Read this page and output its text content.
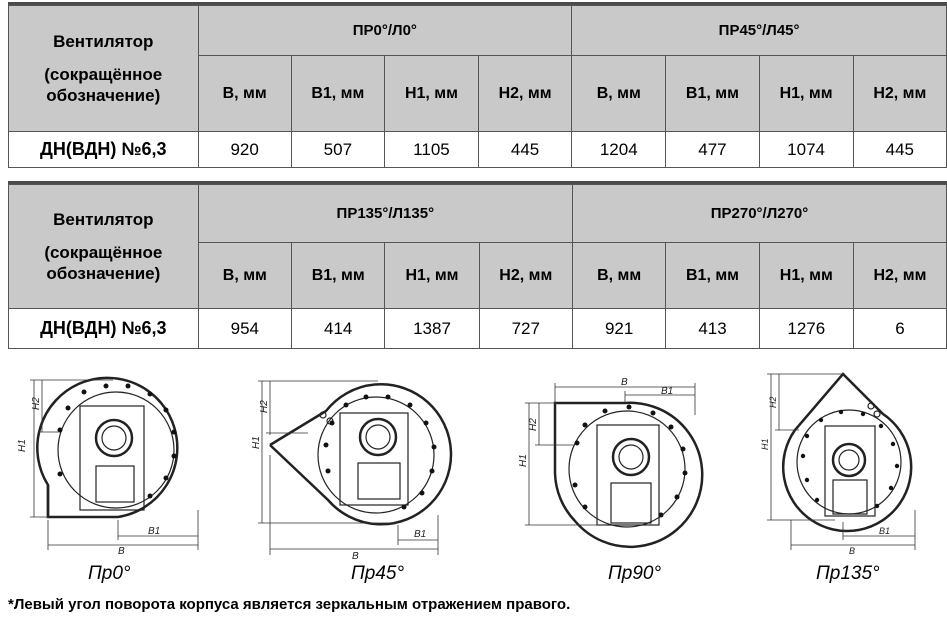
Вентилятор
(сокращённое
обозначение)	ПР0°/Л0°				ПР45°/Л45°			
	B, мм	B1, мм	H1, мм	H2, мм	B, мм	B1, мм	H1, мм	H2, мм
ДН(ВДН) №6,3	920	507	1105	445	1204	477	1074	445
Вентилятор
(сокращённое
обозначение)	ПР135°/Л135°				ПР270°/Л270°			
	B, мм	B1, мм	H1, мм	H2, мм	B, мм	B1, мм	H1, мм	H2, мм
ДН(ВДН) №6,3	954	414	1387	727	921	413	1276	6
H1
H2
B
B1
Пр0°
H1
H2
B
B1
Пр45°
H1
H2
B
B1
Пр90°
H1
H2
B
B1
Пр135°
*Левый угол поворота корпуса является зеркальным отражением правого.
